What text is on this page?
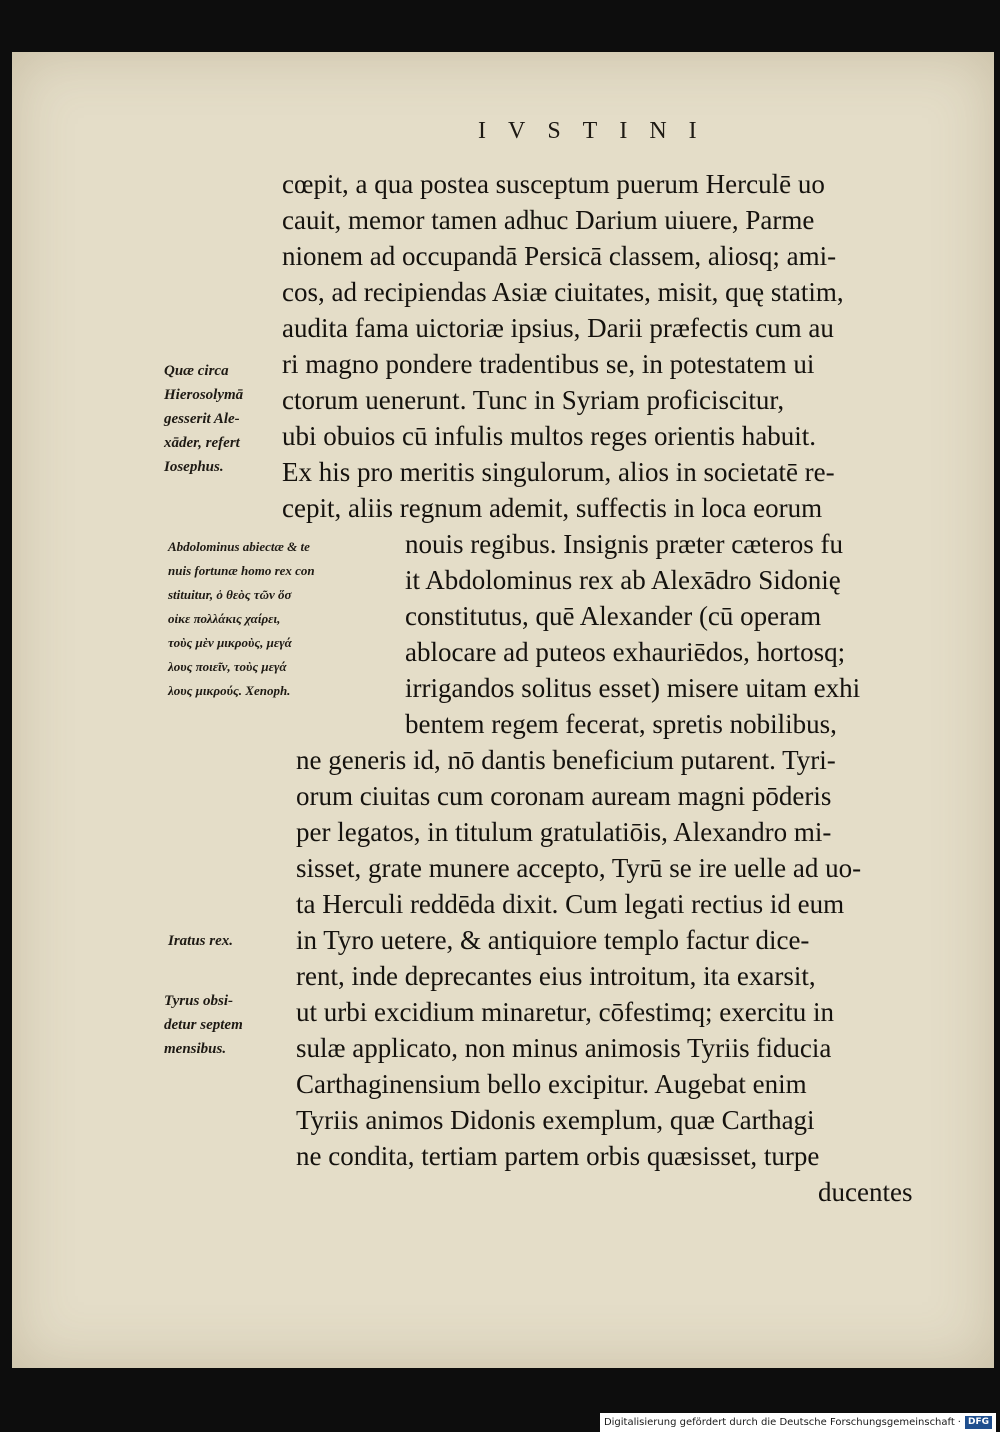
IVSTINI
cœpit, a qua postea susceptum puerum Herculē uo
cauit, memor tamen adhuc Darium uiuere, Parme
nionem ad occupandā Persicā classem, aliosq; ami-
cos, ad recipiendas Asiæ ciuitates, misit, quę statim,
audita fama uictoriæ ipsius, Darii præfectis cum au
ri magno pondere tradentibus se, in potestatem ui
ctorum uenerunt. Tunc in Syriam proficiscitur,
ubi obuios cū infulis multos reges orientis habuit.
Ex his pro meritis singulorum, alios in societatē re-
cepit, aliis regnum ademit, suffectis in loca eorum
nouis regibus. Insignis præter cæteros fu
it Abdolominus rex ab Alexādro Sidonię
constitutus, quē Alexander (cū operam
ablocare ad puteos exhauriēdos, hortosq;
irrigandos solitus esset) misere uitam exhi
bentem regem fecerat, spretis nobilibus,
ne generis id, nō dantis beneficium putarent. Tyri-
orum ciuitas cum coronam auream magni pōderis
per legatos, in titulum gratulatiōis, Alexandro mi-
sisset, grate munere accepto, Tyrū se ire uelle ad uo-
ta Herculi reddēda dixit. Cum legati rectius id eum
in Tyro uetere, & antiquiore templo factur dice-
rent, inde deprecantes eius introitum, ita exarsit,
ut urbi excidium minaretur, cōfestimq; exercitu in
sulæ applicato, non minus animosis Tyriis fiducia
Carthaginensium bello excipitur. Augebat enim
Tyriis animos Didonis exemplum, quæ Carthagi
ne condita, tertiam partem orbis quæsisset, turpe
ducentes
Quæ circa
Hierosolymā
gesserit Ale-
xāder, refert
Iosephus.
Abdolominus abiectæ & te
nuis fortunæ homo rex con
stituitur, ὁ θεὸς τῶν ὅσ
οἰκε πολλάκις χαίρει,
τοὺς μὲν μικροὺς, μεγά
λους ποιεῖν, τοὺς μεγά
λους μικρούς. Xenoph.
Iratus rex.
Tyrus obsi-
detur septem
mensibus.
Digitalisierung gefördert durch die Deutsche Forschungsgemeinschaft · DFG
